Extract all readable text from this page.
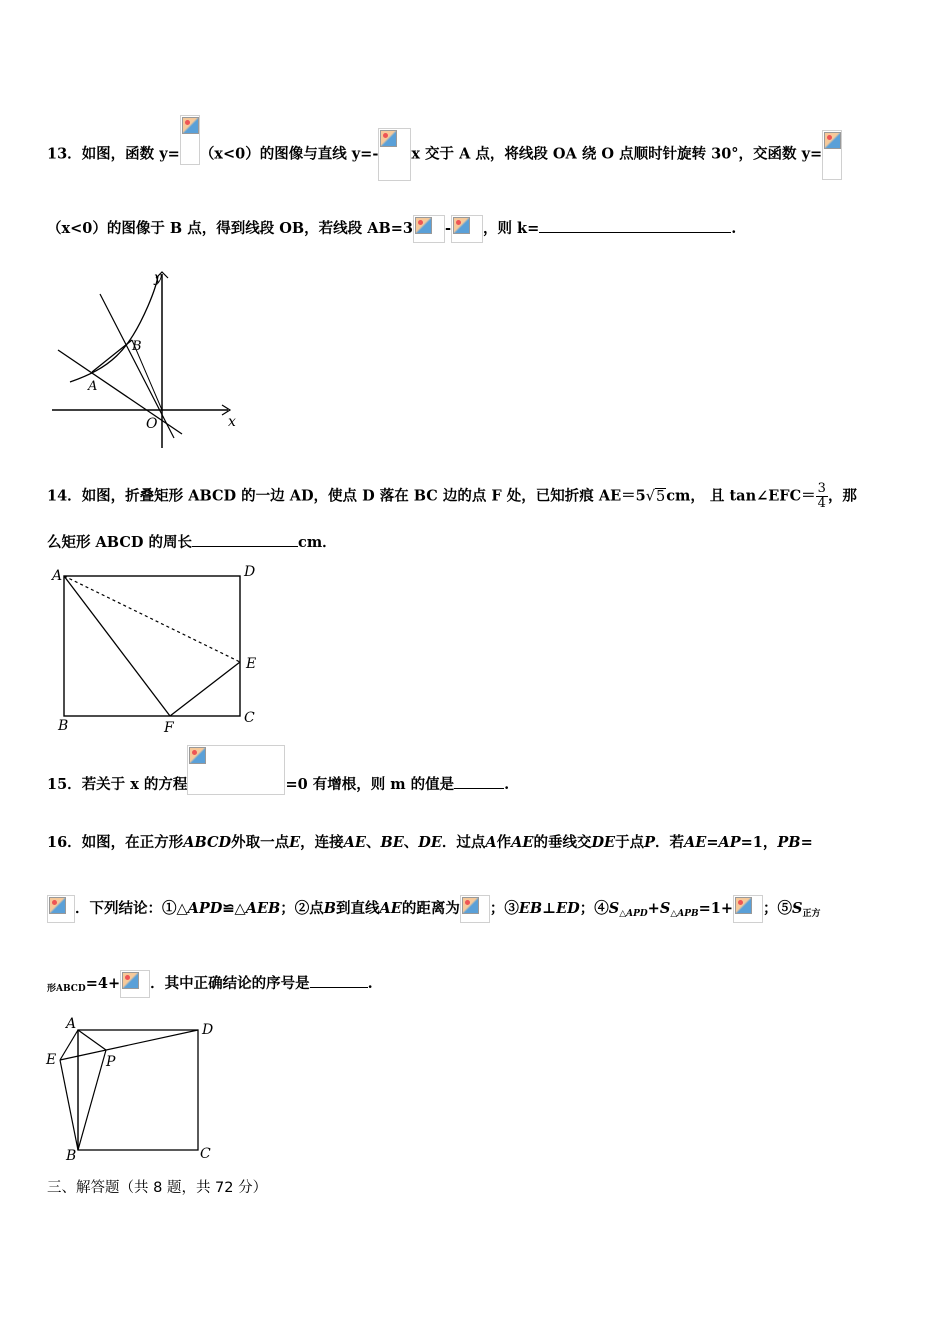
13．如图，函数 y= （x<0）的图像与直线 y=- x 交于 A 点，将线段 OA 绕 O 点顺时针旋转 30°，交函数 y=
（x<0）的图像于 B 点，得到线段 OB，若线段 AB=3 - ，则 k=	.
y
x
O
A
B
14．如图，折叠矩形 ABCD 的一边 AD，使点 D 落在 BC 边的点 F 处，已知折痕 AE＝5√5cm， 且 tan∠EFC＝ $\frac{3}{4}$ ，那
么矩形 ABCD 的周长	cm．
A	D
E
B	F
C
15．若关于 x 的方程	=0 有增根，则 m 的值是	.
16．如图，在正方形ABCD外取一点E，连接AE、BE、DE．过点A作AE的垂线交DE于点P．若AE=AP=1，PB=
．下列结论：①△APD≌△AEB；②点B到直线AE的距离为 ；③EB⊥ED；$④S_{\triangle APD}+S_{\triangle APB}=1+$ ；$⑤S_{正方}$
$_{形ABCD}$=4+ ．其中正确结论的序号是	.
A	D
E	P
B	C
三、解答题（共 8 题，共 72 分）
